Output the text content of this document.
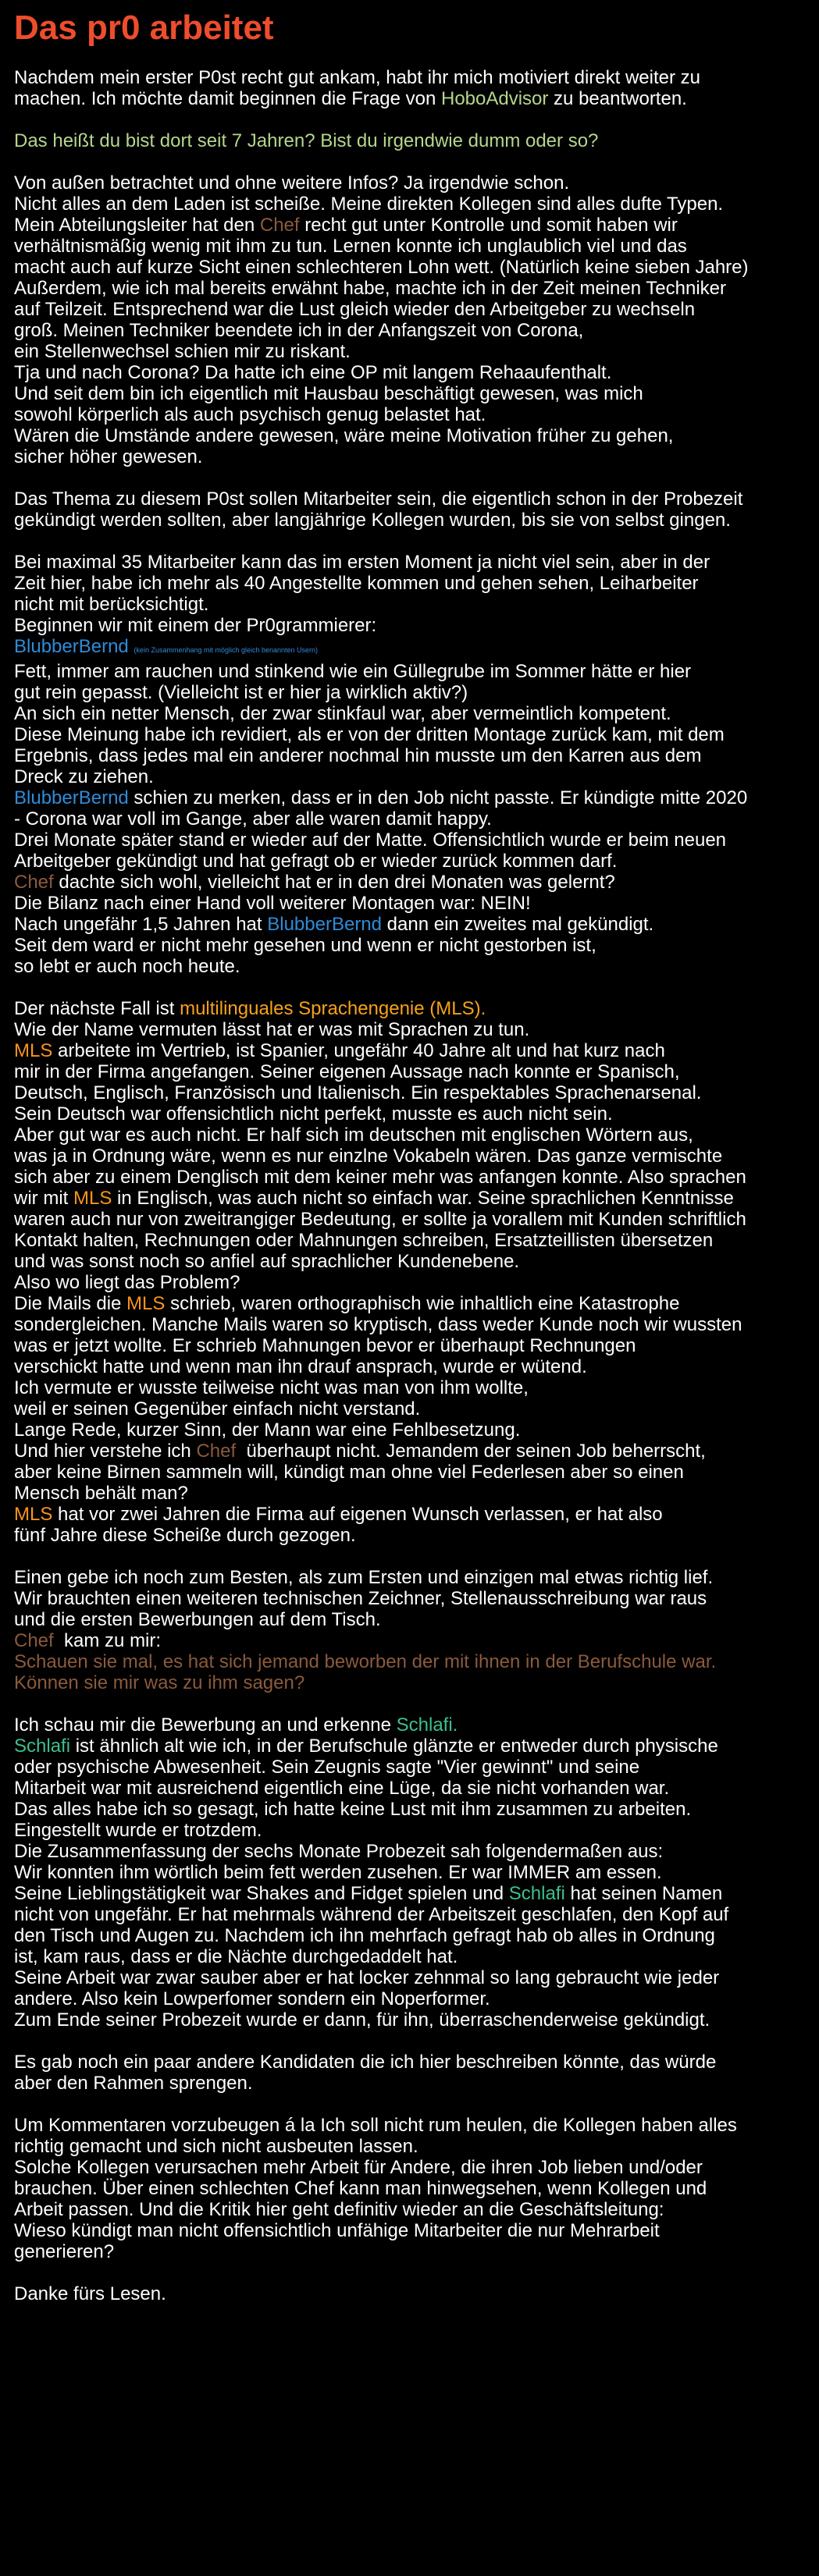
Das pr0 arbeitet
Nachdem mein erster P0st recht gut ankam, habt ihr mich motiviert direkt weiter zu
machen. Ich möchte damit beginnen die Frage von HoboAdvisor zu beantworten.
Das heißt du bist dort seit 7 Jahren? Bist du irgendwie dumm oder so?
Von außen betrachtet und ohne weitere Infos? Ja irgendwie schon.
Nicht alles an dem Laden ist scheiße. Meine direkten Kollegen sind alles dufte Typen.
Mein Abteilungsleiter hat den Chef recht gut unter Kontrolle und somit haben wir
verhältnismäßig wenig mit ihm zu tun. Lernen konnte ich unglaublich viel und das
macht auch auf kurze Sicht einen schlechteren Lohn wett. (Natürlich keine sieben Jahre)
Außerdem, wie ich mal bereits erwähnt habe, machte ich in der Zeit meinen Techniker
auf Teilzeit. Entsprechend war die Lust gleich wieder den Arbeitgeber zu wechseln
groß. Meinen Techniker beendete ich in der Anfangszeit von Corona,
ein Stellenwechsel schien mir zu riskant.
Tja und nach Corona? Da hatte ich eine OP mit langem Rehaaufenthalt.
Und seit dem bin ich eigentlich mit Hausbau beschäftigt gewesen, was mich
sowohl körperlich als auch psychisch genug belastet hat.
Wären die Umstände andere gewesen, wäre meine Motivation früher zu gehen,
sicher höher gewesen.
Das Thema zu diesem P0st sollen Mitarbeiter sein, die eigentlich schon in der Probezeit
gekündigt werden sollten, aber langjährige Kollegen wurden, bis sie von selbst gingen.
Bei maximal 35 Mitarbeiter kann das im ersten Moment ja nicht viel sein, aber in der
Zeit hier, habe ich mehr als 40 Angestellte kommen und gehen sehen, Leiharbeiter
nicht mit berücksichtigt.
Beginnen wir mit einem der Pr0grammierer:
BlubberBernd (kein Zusammenhang mit möglich gleich benannten Usern)
Fett, immer am rauchen und stinkend wie ein Güllegrube im Sommer hätte er hier
gut rein gepasst. (Vielleicht ist er hier ja wirklich aktiv?)
An sich ein netter Mensch, der zwar stinkfaul war, aber vermeintlich kompetent.
Diese Meinung habe ich revidiert, als er von der dritten Montage zurück kam, mit dem
Ergebnis, dass jedes mal ein anderer nochmal hin musste um den Karren aus dem
Dreck zu ziehen.
BlubberBernd schien zu merken, dass er in den Job nicht passte. Er kündigte mitte 2020
- Corona war voll im Gange, aber alle waren damit happy.
Drei Monate später stand er wieder auf der Matte. Offensichtlich wurde er beim neuen
Arbeitgeber gekündigt und hat gefragt ob er wieder zurück kommen darf.
Chef dachte sich wohl, vielleicht hat er in den drei Monaten was gelernt?
Die Bilanz nach einer Hand voll weiterer Montagen war: NEIN!
Nach ungefähr 1,5 Jahren hat BlubberBernd dann ein zweites mal gekündigt.
Seit dem ward er nicht mehr gesehen und wenn er nicht gestorben ist,
so lebt er auch noch heute.
Der nächste Fall ist multilinguales Sprachengenie (MLS).
Wie der Name vermuten lässt hat er was mit Sprachen zu tun.
MLS arbeitete im Vertrieb, ist Spanier, ungefähr 40 Jahre alt und hat kurz nach
mir in der Firma angefangen. Seiner eigenen Aussage nach konnte er Spanisch,
Deutsch, Englisch, Französisch und Italienisch. Ein respektables Sprachenarsenal.
Sein Deutsch war offensichtlich nicht perfekt, musste es auch nicht sein.
Aber gut war es auch nicht. Er half sich im deutschen mit englischen Wörtern aus,
was ja in Ordnung wäre, wenn es nur einzlne Vokabeln wären. Das ganze vermischte
sich aber zu einem Denglisch mit dem keiner mehr was anfangen konnte. Also sprachen
wir mit MLS in Englisch, was auch nicht so einfach war. Seine sprachlichen Kenntnisse
waren auch nur von zweitrangiger Bedeutung, er sollte ja vorallem mit Kunden schriftlich
Kontakt halten, Rechnungen oder Mahnungen schreiben, Ersatzteillisten übersetzen
und was sonst noch so anfiel auf sprachlicher Kundenebene.
Also wo liegt das Problem?
Die Mails die MLS schrieb, waren orthographisch wie inhaltlich eine Katastrophe
sondergleichen. Manche Mails waren so kryptisch, dass weder Kunde noch wir wussten
was er jetzt wollte. Er schrieb Mahnungen bevor er überhaupt Rechnungen
verschickt hatte und wenn man ihn drauf ansprach, wurde er wütend.
Ich vermute er wusste teilweise nicht was man von ihm wollte,
weil er seinen Gegenüber einfach nicht verstand.
Lange Rede, kurzer Sinn, der Mann war eine Fehlbesetzung.
Und hier verstehe ich Chef  überhaupt nicht. Jemandem der seinen Job beherrscht,
aber keine Birnen sammeln will, kündigt man ohne viel Federlesen aber so einen
Mensch behält man?
MLS hat vor zwei Jahren die Firma auf eigenen Wunsch verlassen, er hat also
fünf Jahre diese Scheiße durch gezogen.
Einen gebe ich noch zum Besten, als zum Ersten und einzigen mal etwas richtig lief.
Wir brauchten einen weiteren technischen Zeichner, Stellenausschreibung war raus
und die ersten Bewerbungen auf dem Tisch.
Chef  kam zu mir:
Schauen sie mal, es hat sich jemand beworben der mit ihnen in der Berufschule war.
Können sie mir was zu ihm sagen?
Ich schau mir die Bewerbung an und erkenne Schlafi.
Schlafi ist ähnlich alt wie ich, in der Berufschule glänzte er entweder durch physische
oder psychische Abwesenheit. Sein Zeugnis sagte "Vier gewinnt" und seine
Mitarbeit war mit ausreichend eigentlich eine Lüge, da sie nicht vorhanden war.
Das alles habe ich so gesagt, ich hatte keine Lust mit ihm zusammen zu arbeiten.
Eingestellt wurde er trotzdem.
Die Zusammenfassung der sechs Monate Probezeit sah folgendermaßen aus:
Wir konnten ihm wörtlich beim fett werden zusehen. Er war IMMER am essen.
Seine Lieblingstätigkeit war Shakes and Fidget spielen und Schlafi hat seinen Namen
nicht von ungefähr. Er hat mehrmals während der Arbeitszeit geschlafen, den Kopf auf
den Tisch und Augen zu. Nachdem ich ihn mehrfach gefragt hab ob alles in Ordnung
ist, kam raus, dass er die Nächte durchgedaddelt hat.
Seine Arbeit war zwar sauber aber er hat locker zehnmal so lang gebraucht wie jeder
andere. Also kein Lowperfomer sondern ein Noperformer.
Zum Ende seiner Probezeit wurde er dann, für ihn, überraschenderweise gekündigt.
Es gab noch ein paar andere Kandidaten die ich hier beschreiben könnte, das würde
aber den Rahmen sprengen.
Um Kommentaren vorzubeugen á la Ich soll nicht rum heulen, die Kollegen haben alles
richtig gemacht und sich nicht ausbeuten lassen.
Solche Kollegen verursachen mehr Arbeit für Andere, die ihren Job lieben und/oder
brauchen. Über einen schlechten Chef kann man hinwegsehen, wenn Kollegen und
Arbeit passen. Und die Kritik hier geht definitiv wieder an die Geschäftsleitung:
Wieso kündigt man nicht offensichtlich unfähige Mitarbeiter die nur Mehrarbeit
generieren?
Danke fürs Lesen.
